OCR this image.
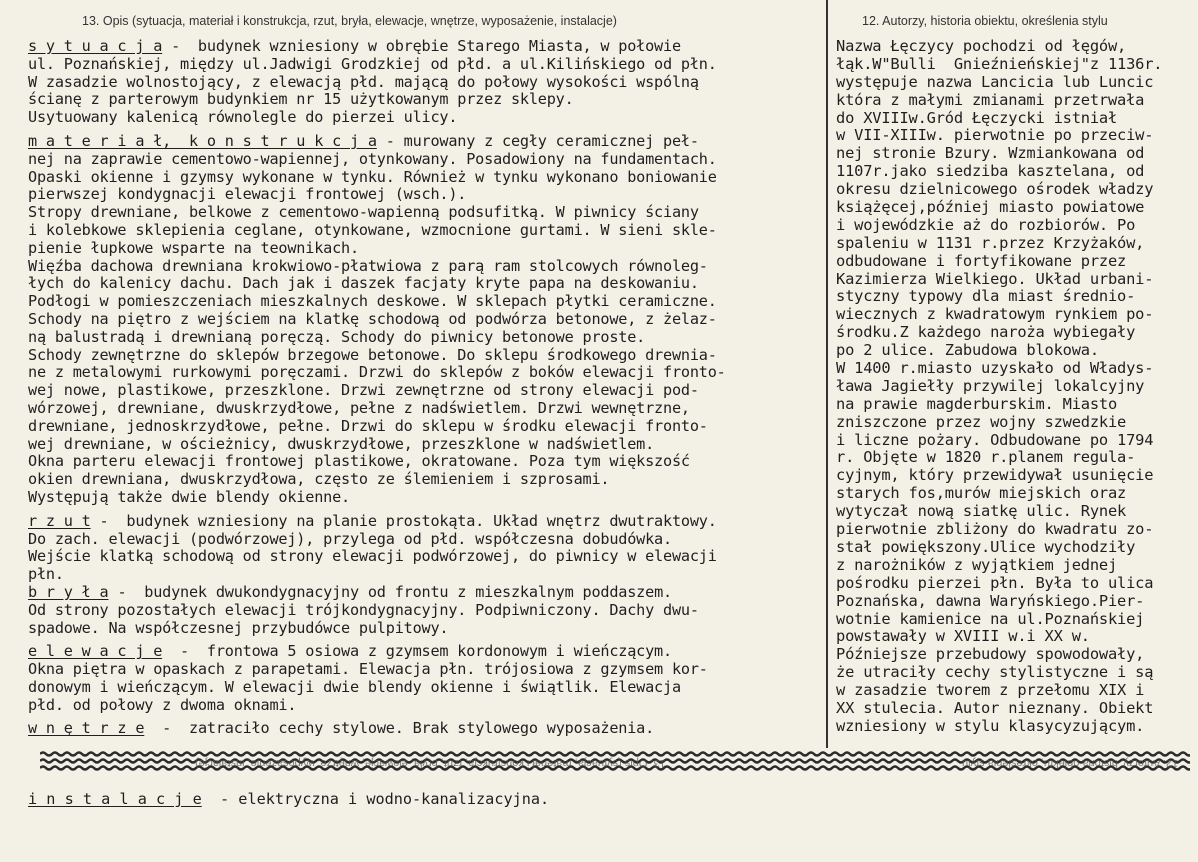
13. Opis (sytuacja, materiał i konstrukcja, rzut, bryła, elewacje, wnętrze, wyposażenie, instalacje)	12. Autorzy, historia obiektu, określenia stylu
s y t u a c j a -  budynek wzniesiony w obrębie Starego Miasta, w połowie
ul. Poznańskiej, między ul.Jadwigi Grodzkiej od płd. a ul.Kilińskiego od płn.
W zasadzie wolnostojący, z elewacją płd. mającą do połowy wysokości wspólną
ścianę z parterowym budynkiem nr 15 użytkowanym przez sklepy.
Usytuowany kalenicą równolegle do pierzei ulicy.
m a t e r i a ł,  k o n s t r u k c j a - murowany z cegły ceramicznej peł-
nej na zaprawie cementowo-wapiennej, otynkowany. Posadowiony na fundamentach.
Opaski okienne i gzymsy wykonane w tynku. Również w tynku wykonano boniowanie
pierwszej kondygnacji elewacji frontowej (wsch.).
Stropy drewniane, belkowe z cementowo-wapienną podsufitką. W piwnicy ściany
i kolebkowe sklepienia ceglane, otynkowane, wzmocnione gurtami. W sieni skle-
pienie łupkowe wsparte na teownikach.
Więźba dachowa drewniana krokwiowo-płatwiowa z parą ram stolcowych równoleg-
łych do kalenicy dachu. Dach jak i daszek facjaty kryte papa na deskowaniu.
Podłogi w pomieszczeniach mieszkalnych deskowe. W sklepach płytki ceramiczne.
Schody na piętro z wejściem na klatkę schodową od podwórza betonowe, z żelaz-
ną balustradą i drewnianą poręczą. Schody do piwnicy betonowe proste.
Schody zewnętrzne do sklepów brzegowe betonowe. Do sklepu środkowego drewnia-
ne z metalowymi rurkowymi poręczami. Drzwi do sklepów z boków elewacji fronto-
wej nowe, plastikowe, przeszklone. Drzwi zewnętrzne od strony elewacji pod-
wórzowej, drewniane, dwuskrzydłowe, pełne z nadświetlem. Drzwi wewnętrzne,
drewniane, jednoskrzydłowe, pełne. Drzwi do sklepu w środku elewacji fronto-
wej drewniane, w ościeżnicy, dwuskrzydłowe, przeszklone w nadświetlem.
Okna parteru elewacji frontowej plastikowe, okratowane. Poza tym większość
okien drewniana, dwuskrzydłowa, często ze ślemieniem i szprosami.
Występują także dwie blendy okienne.
r z u t -  budynek wzniesiony na planie prostokąta. Układ wnętrz dwutraktowy.
Do zach. elewacji (podwórzowej), przylega od płd. współczesna dobudówka.
Wejście klatką schodową od strony elewacji podwórzowej, do piwnicy w elewacji
płn.
b r y ł a -  budynek dwukondygnacyjny od frontu z mieszkalnym poddaszem.
Od strony pozostałych elewacji trójkondygnacyjny. Podpiwniczony. Dachy dwu-
spadowe. Na współczesnej przybudówce pulpitowy.
e l e w a c j e  -  frontowa 5 osiowa z gzymsem kordonowym i wieńczącym.
Okna piętra w opaskach z parapetami. Elewacja płn. trójosiowa z gzymsem kor-
donowym i wieńczącym. W elewacji dwie blendy okienne i świątlik. Elewacja
płd. od połowy z dwoma oknami.
w n ę t r z e  -  zatraciło cechy stylowe. Brak stylowego wyposażenia.
Nazwa Łęczycy pochodzi od łęgów,
łąk.W"Bulli  Gnieźnieńskiej"z 1136r.
występuje nazwa Lancicia lub Luncic
która z małymi zmianami przetrwała
do XVIIIw.Gród Łęczycki istniał
w VII-XIIIw. pierwotnie po przeciw-
nej stronie Bzury. Wzmiankowana od
1107r.jako siedziba kasztelana, od
okresu dzielnicowego ośrodek władzy
książęcej,później miasto powiatowe
i wojewódzkie aż do rozbiorów. Po
spaleniu w 1131 r.przez Krzyżaków,
odbudowane i fortyfikowane przez
Kazimierza Wielkiego. Układ urbani-
styczny typowy dla miast średnio-
wiecznych z kwadratowym rynkiem po-
środku.Z każdego naroża wybiegały
po 2 ulice. Zabudowa blokowa.
W 1400 r.miasto uzyskało od Władys-
ława Jagiełły przywilej lokalcyjny
na prawie magderburskim. Miasto
zniszczone przez wojny szwedzkie
i liczne pożary. Odbudowane po 1794
r. Objęte w 1820 r.planem regula-
cyjnym, który przewidywał usunięcie
starych fos,murów miejskich oraz
wytyczał nową siatkę ulic. Rynek
pierwotnie zbliżony do kwadratu zo-
stał powiększony.Ulice wychodziły
z narożników z wyjątkiem jednej
pośrodku pierzei płn. Była to ulica
Poznańska, dawna Waryńskiego.Pier-
wotnie kamienice na ul.Poznańskiej
powstawały w XVIII w.i XX w.
Późniejsze przebudowy spowodowały,
że utraciły cechy stylistyczne i są
w zasadzie tworem z przełomu XIX i
XX stulecia. Autor nieznany. Obiekt
wzniesiony w stylu klasycyzującym.
13. Opis (sytuacja, materiał i konstrukcja, rzut, bryła, elewacje, wnętrze, wyposażenie, instalacje)	12. Autorzy, historia obiektu, określenia stylu
i n s t a l a c j e  - elektryczna i wodno-kanalizacyjna.
